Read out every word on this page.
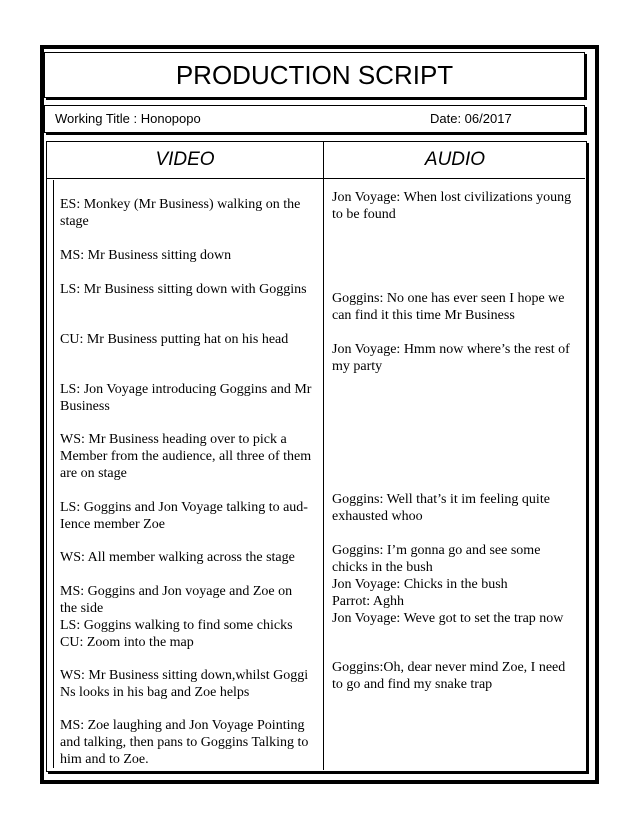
PRODUCTION SCRIPT
Working Title : Honopopo	Date: 06/2017
VIDEO	AUDIO
ES: Monkey (Mr Business) walking on the stage
MS: Mr Business sitting down
LS: Mr Business sitting down with Goggins
CU: Mr Business putting hat on his head
LS: Jon Voyage introducing Goggins and Mr Business
WS: Mr Business heading over to pick a Member from the audience, all three of them are on stage
LS: Goggins and Jon Voyage talking to aud-Ience member Zoe
WS: All member walking across the stage
MS: Goggins and Jon voyage and Zoe on the side
LS: Goggins walking to find some chicks
CU: Zoom into the map
WS: Mr Business sitting down,whilst Goggi Ns looks in his bag and Zoe helps
MS: Zoe laughing and Jon Voyage Pointing and talking, then pans to Goggins Talking to him and to Zoe.
Jon Voyage: When lost civilizations young to be found
Goggins: No one has ever seen I hope we can find it this time Mr Business
Jon Voyage: Hmm now where’s the rest of my party
Goggins: Well that’s it im feeling quite exhausted whoo
Goggins: I’m gonna go and see some chicks in the bush
Jon Voyage: Chicks in the bush
Parrot: Aghh
Jon Voyage: Weve got to set the trap now
Goggins:Oh, dear never mind Zoe, I need to go and find my snake trap
